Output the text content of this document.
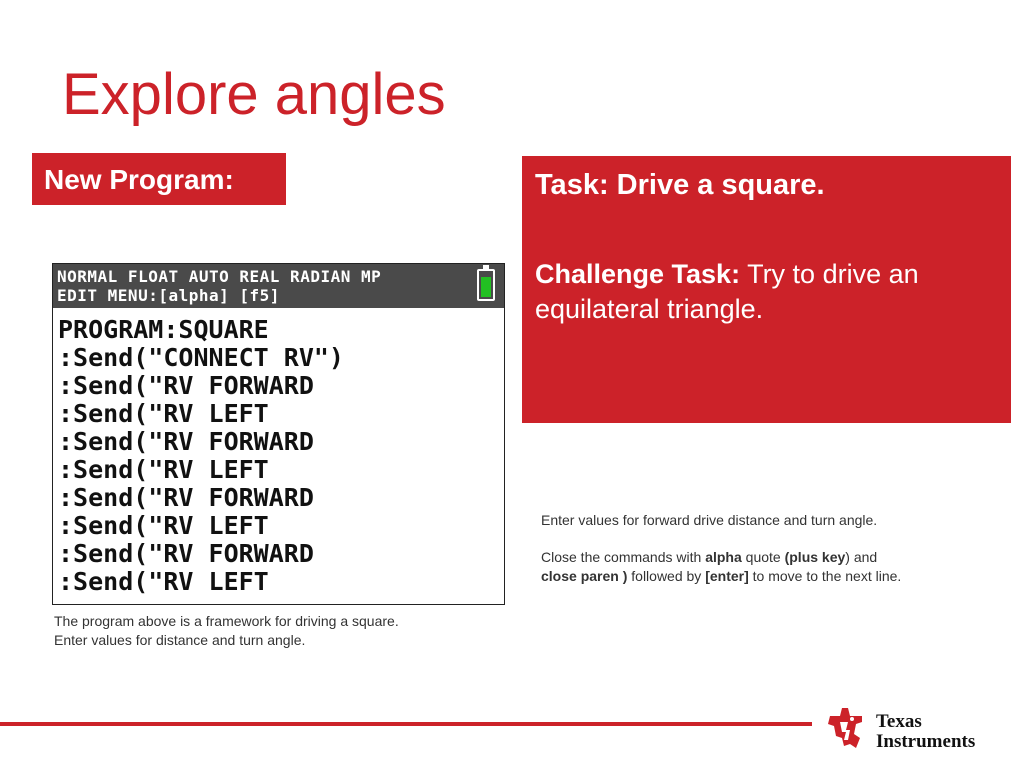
Explore angles
New Program:	Task: Drive a square.
Challenge Task: Try to drive an equilateral triangle.
NORMAL FLOAT AUTO REAL RADIAN MP
EDIT MENU:[alpha] [f5]
PROGRAM:SQUARE
:Send("CONNECT RV")
:Send("RV FORWARD
:Send("RV LEFT
:Send("RV FORWARD
:Send("RV LEFT
:Send("RV FORWARD
:Send("RV LEFT
:Send("RV FORWARD
:Send("RV LEFT
The program above is a framework for driving a square.
Enter values for distance and turn angle.

Enter values for forward drive distance and turn angle.

Close the commands with alpha quote (plus key) and
close paren ) followed by [enter] to move to the next line.

Texas
Instruments
